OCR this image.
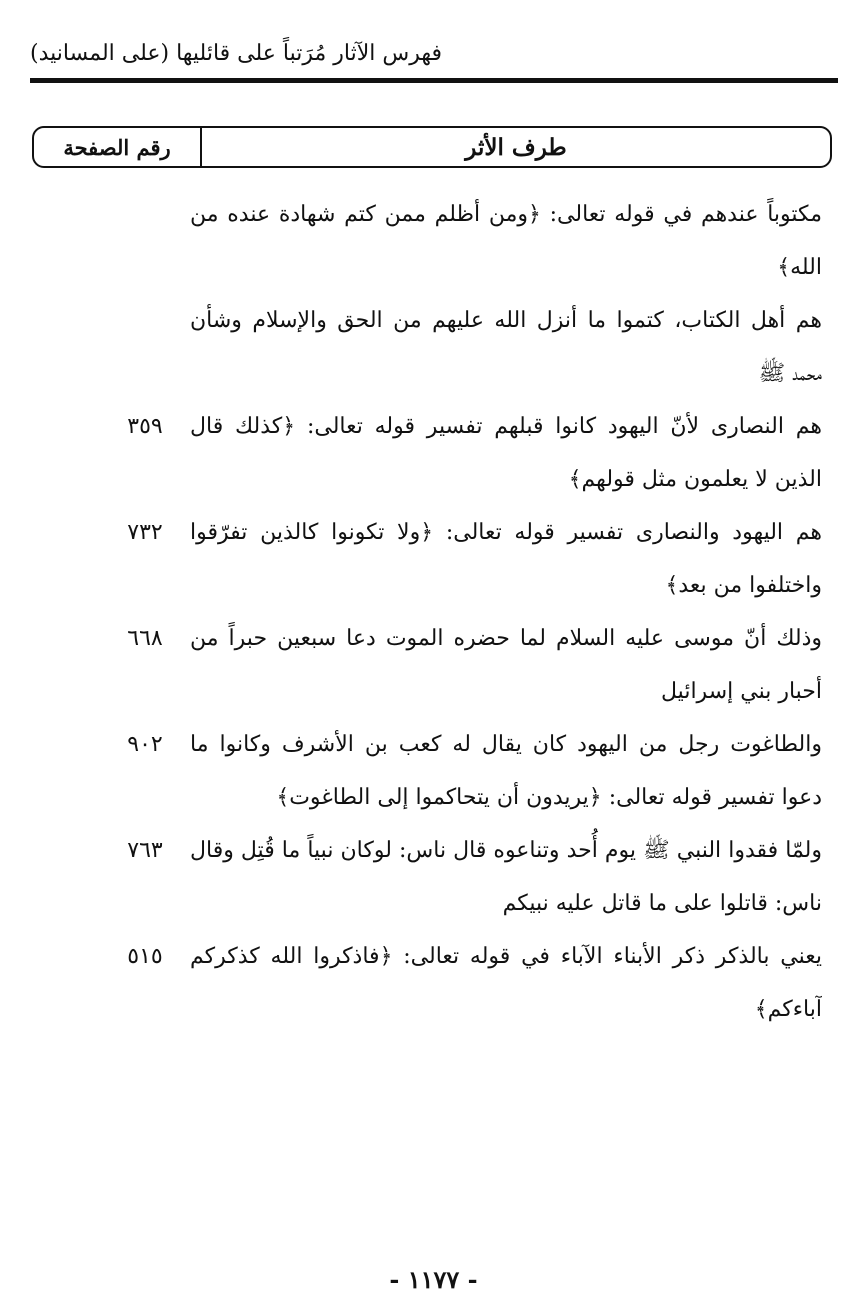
فهرس الآثار مُرَتباً على قائليها (على المسانيد)
طرف الأثر
رقم الصفحة
مكتوباً عندهم في قوله تعالى: ﴿ومن أظلم ممن كتم شهادة عنده من
الله﴾
هم أهل الكتاب، كتموا ما أنزل الله عليهم من الحق والإسلام وشأن
محمد ﷺ
هم النصارى لأنّ اليهود كانوا قبلهم تفسير قوله تعالى: ﴿كذلك قال
الذين لا يعلمون مثل قولهم﴾
٣٥٩
هم اليهود والنصارى تفسير قوله تعالى: ﴿ولا تكونوا كالذين تفرّقوا
واختلفوا من بعد﴾
٧٣٢
وذلك أنّ موسى عليه السلام لما حضره الموت دعا سبعين حبراً من
أحبار بني إسرائيل
٦٦٨
والطاغوت رجل من اليهود كان يقال له كعب بن الأشرف وكانوا ما
دعوا تفسير قوله تعالى: ﴿يريدون أن يتحاكموا إلى الطاغوت﴾
٩٠٢
ولمّا فقدوا النبي ﷺ يوم أُحد وتناعوه قال ناس: لوكان نبياً ما قُتِل وقال
ناس: قاتلوا على ما قاتل عليه نبيكم
٧٦٣
يعني بالذكر ذكر الأبناء الآباء في قوله تعالى: ﴿فاذكروا الله كذكركم
آباءكم﴾
٥١٥
- ١١٧٧ -
